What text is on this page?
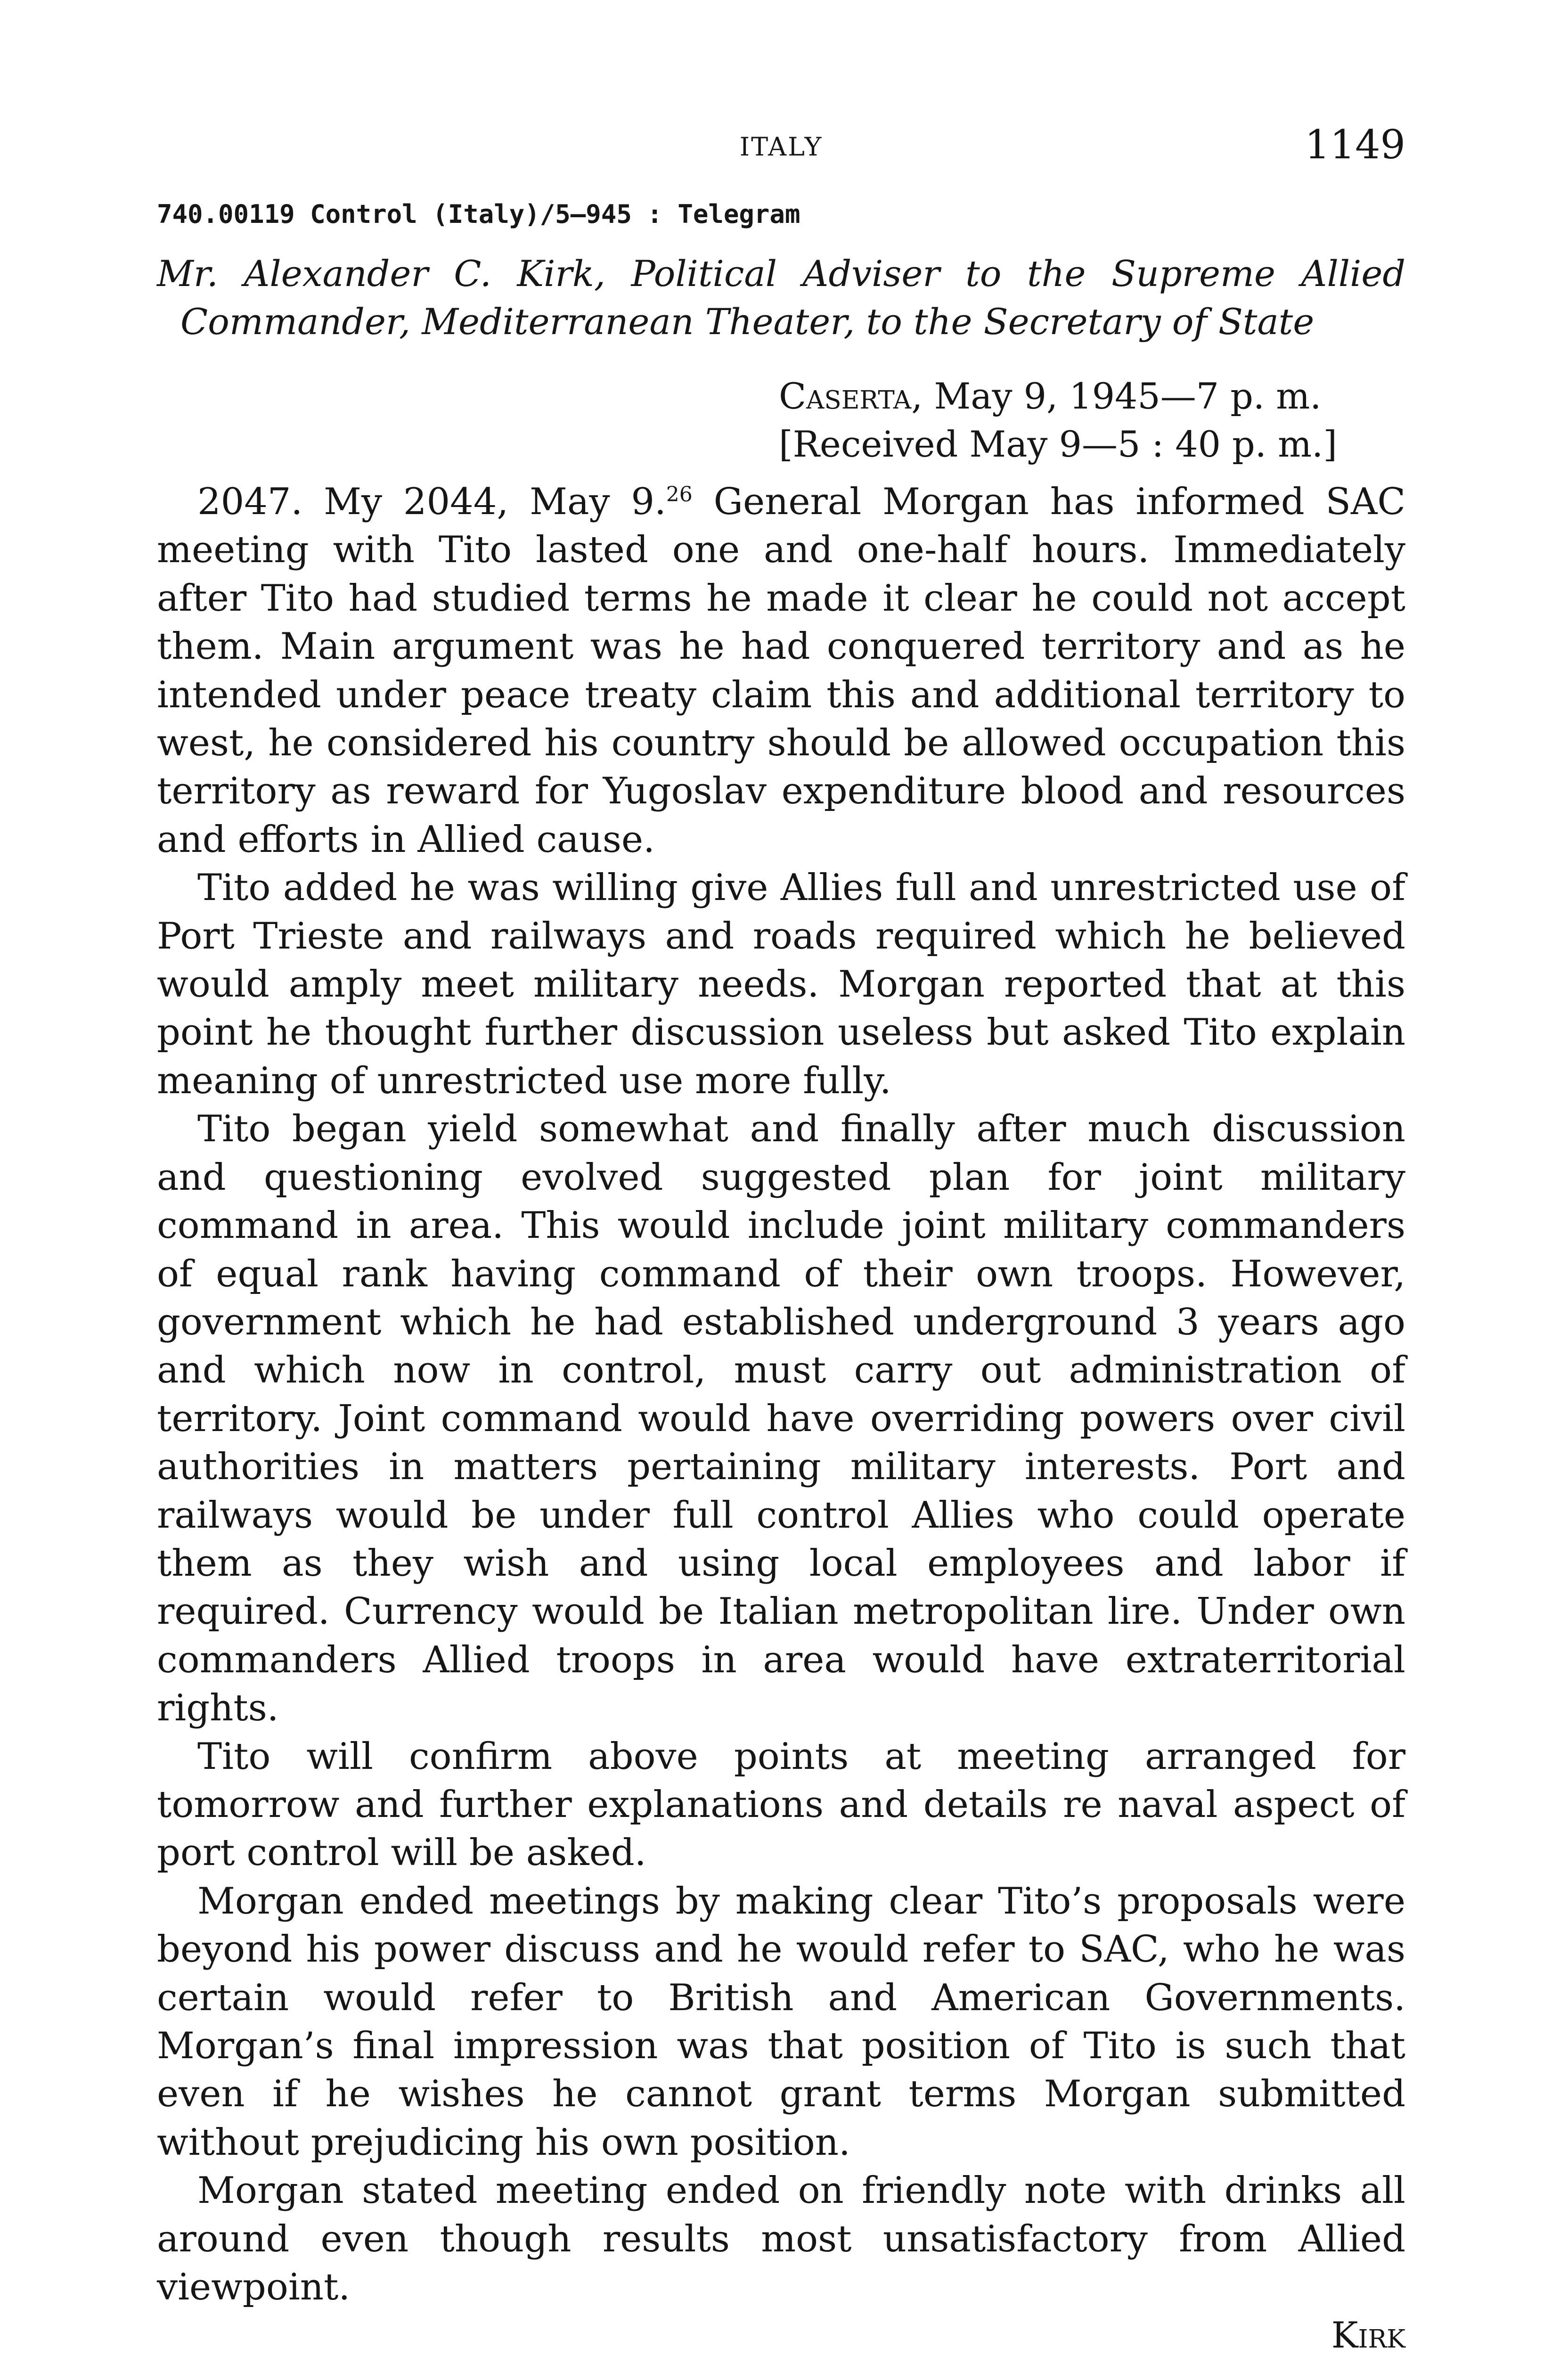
ITALY	1149
740.00119 Control (Italy)/5–945 : Telegram
Mr. Alexander C. Kirk, Political Adviser to the Supreme Allied Commander, Mediterranean Theater, to the Secretary of State
Caserta, May 9, 1945—7 p. m.
[Received May 9—5 : 40 p. m.]

2047. My 2044, May 9.26 General Morgan has informed SAC meeting with Tito lasted one and one-half hours. Immediately after Tito had studied terms he made it clear he could not accept them. Main argument was he had conquered territory and as he intended under peace treaty claim this and additional territory to west, he considered his country should be allowed occupation this territory as reward for Yugoslav expenditure blood and resources and efforts in Allied cause.

Tito added he was willing give Allies full and unrestricted use of Port Trieste and railways and roads required which he believed would amply meet military needs. Morgan reported that at this point he thought further discussion useless but asked Tito explain meaning of unrestricted use more fully.

Tito began yield somewhat and finally after much discussion and questioning evolved suggested plan for joint military command in area. This would include joint military commanders of equal rank having command of their own troops. However, government which he had established underground 3 years ago and which now in control, must carry out administration of territory. Joint command would have overriding powers over civil authorities in matters pertaining military interests. Port and railways would be under full control Allies who could operate them as they wish and using local employees and labor if required. Currency would be Italian metropolitan lire. Under own commanders Allied troops in area would have extraterritorial rights.

Tito will confirm above points at meeting arranged for tomorrow and further explanations and details re naval aspect of port control will be asked.

Morgan ended meetings by making clear Tito’s proposals were beyond his power discuss and he would refer to SAC, who he was certain would refer to British and American Governments. Morgan’s final impression was that position of Tito is such that even if he wishes he cannot grant terms Morgan submitted without prejudicing his own position.

Morgan stated meeting ended on friendly note with drinks all around even though results most unsatisfactory from Allied viewpoint.

Kirk
